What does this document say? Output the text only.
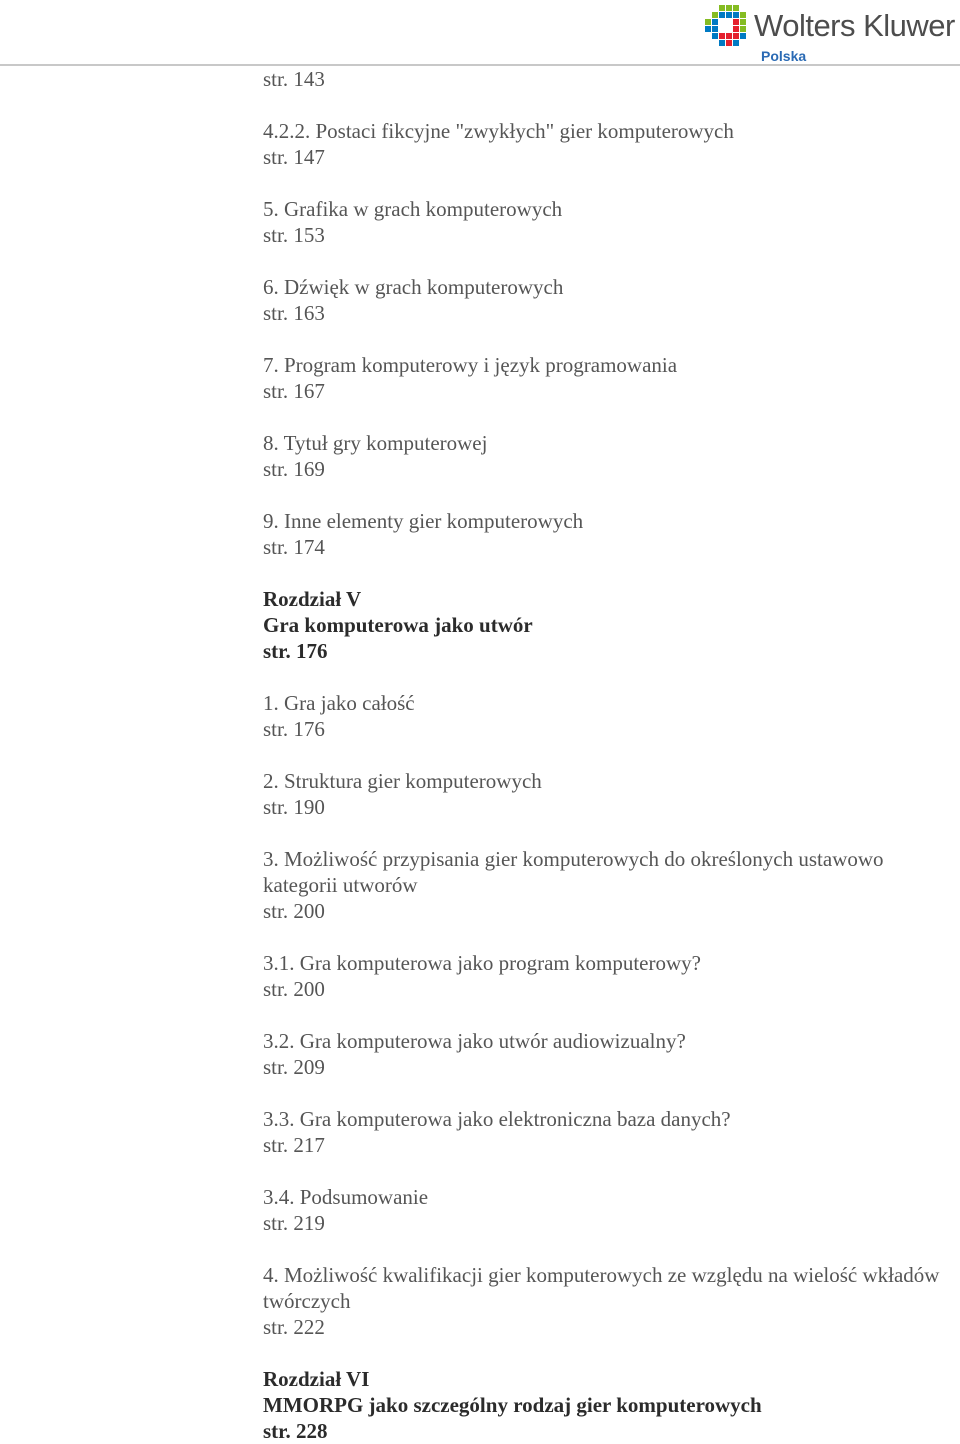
Wolters Kluwer
Polska
str. 143
4.2.2. Postaci fikcyjne "zwykłych" gier komputerowych
str. 147
5. Grafika w grach komputerowych
str. 153
6. Dźwięk w grach komputerowych
str. 163
7. Program komputerowy i język programowania
str. 167
8. Tytuł gry komputerowej
str. 169
9. Inne elementy gier komputerowych
str. 174
Rozdział V
Gra komputerowa jako utwór
str. 176
1. Gra jako całość
str. 176
2. Struktura gier komputerowych
str. 190
3. Możliwość przypisania gier komputerowych do określonych ustawowo kategorii utworów
str. 200
3.1. Gra komputerowa jako program komputerowy?
str. 200
3.2. Gra komputerowa jako utwór audiowizualny?
str. 209
3.3. Gra komputerowa jako elektroniczna baza danych?
str. 217
3.4. Podsumowanie
str. 219
4. Możliwość kwalifikacji gier komputerowych ze względu na wielość wkładów twórczych
str. 222
Rozdział VI
MMORPG jako szczególny rodzaj gier komputerowych
str. 228
